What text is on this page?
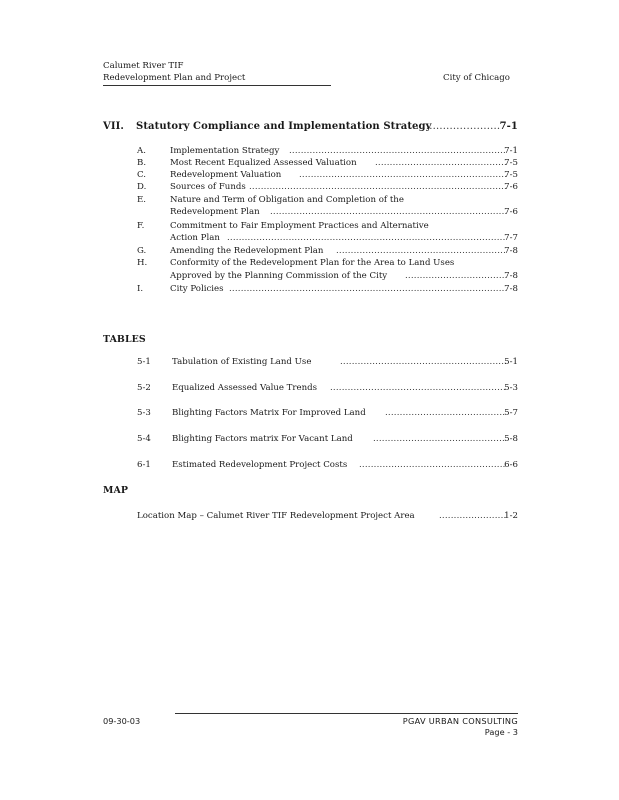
Calumet River TIF
Redevelopment Plan and Project	City of Chicago
VII. Statutory Compliance and Implementation Strategy .....	7-1
A.	Implementation Strategy .....	7-1
B.	Most Recent Equalized Assessed Valuation .....	7-5
C.	Redevelopment Valuation .....	7-5
D.	Sources of Funds .....	7-6
E.	Nature and Term of Obligation and Completion of the
Redevelopment Plan .....	7-6
F.	Commitment to Fair Employment Practices and Alternative
Action Plan .....	7-7
G.	Amending the Redevelopment Plan .....	7-8
H.	Conformity of the Redevelopment Plan for the Area to Land Uses
Approved by the Planning Commission of the City .....	7-8
I.	City Policies .....	7-8
TABLES
5-1 Tabulation of Existing Land Use .....	5-1
5-2 Equalized Assessed Value Trends .....	5-3
5-3 Blighting Factors Matrix For Improved Land .....	5-7
5-4 Blighting Factors matrix For Vacant Land .....	5-8
6-1 Estimated Redevelopment Project Costs .....	6-6
MAP
Location Map – Calumet River TIF Redevelopment Project Area .....	1-2
09-30-03	PGAV URBAN CONSULTING
Page - 3
